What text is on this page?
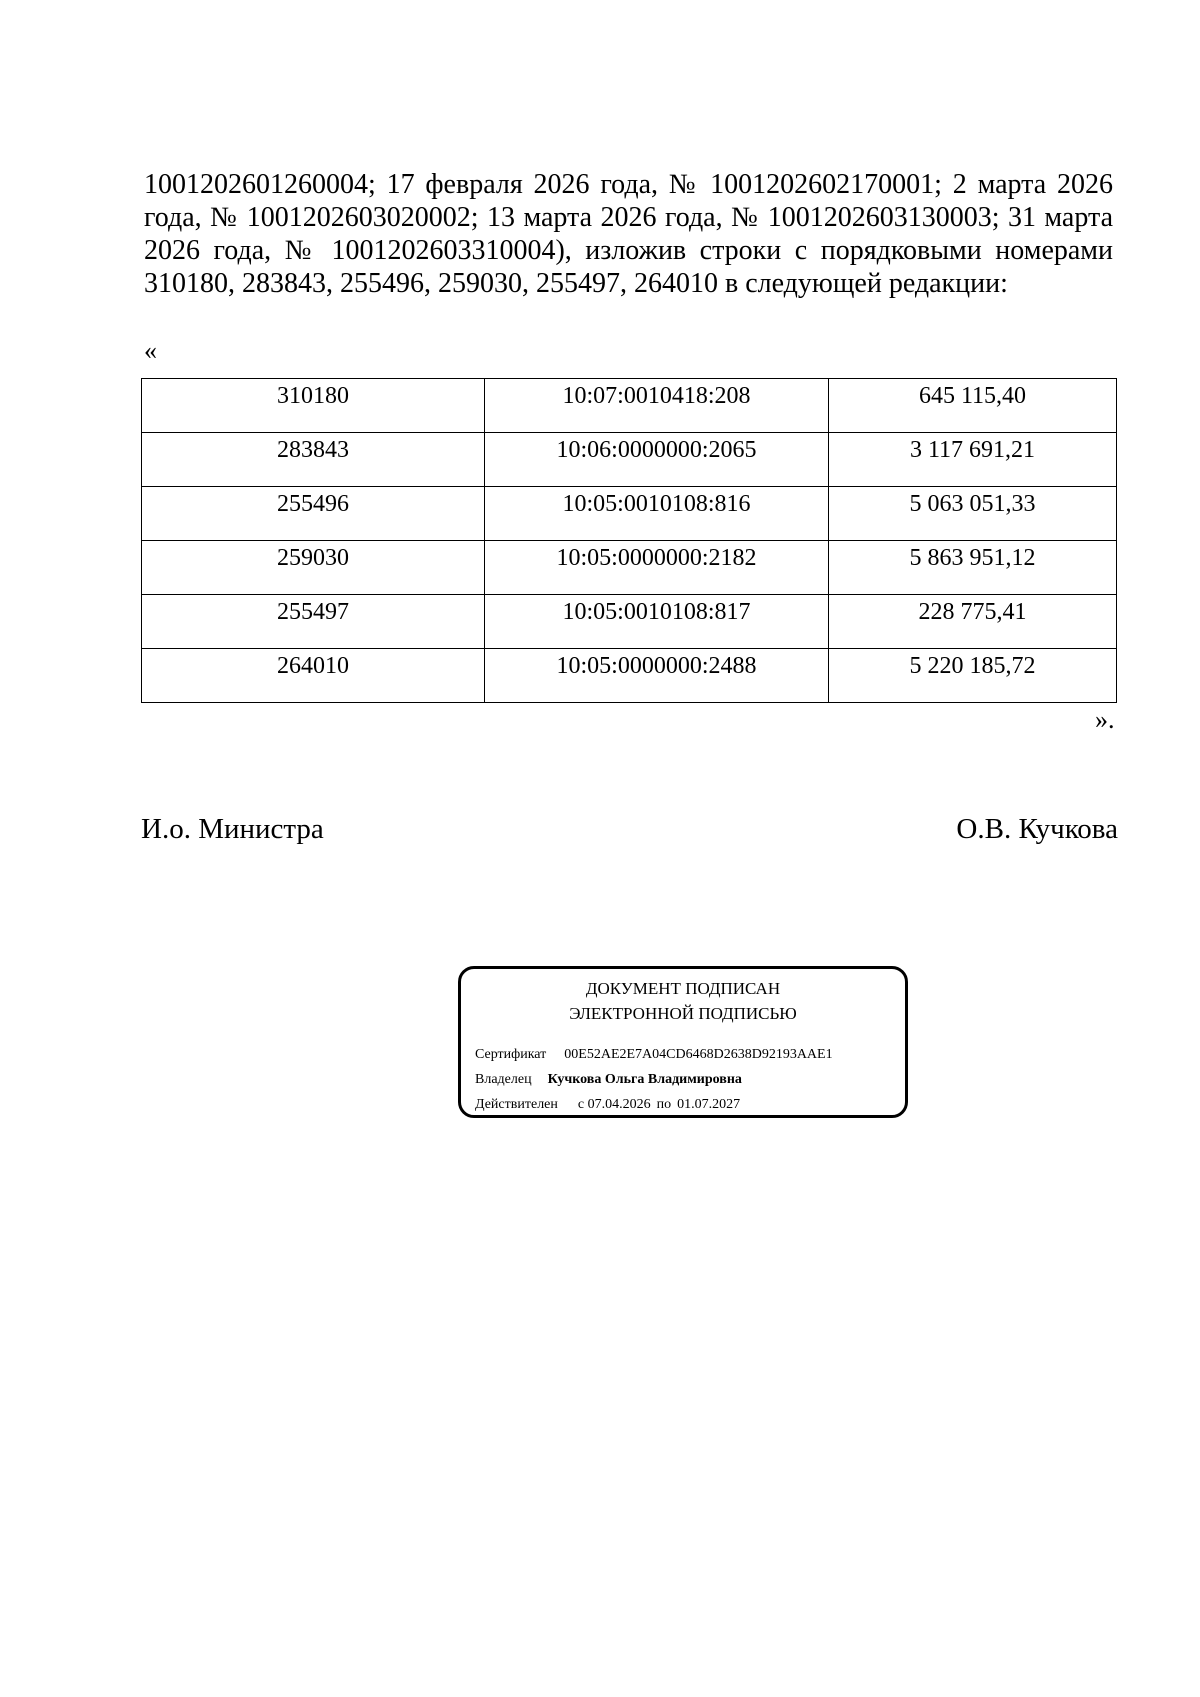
1001202601260004; 17 февраля 2026 года, № 1001202602170001; 2 марта 2026
года, № 1001202603020002; 13 марта 2026 года, № 1001202603130003; 31 марта
2026 года, № 1001202603310004), изложив строки с порядковыми номерами
310180, 283843, 255496, 259030, 255497, 264010 в следующей редакции:

«
310180	10:07:0010418:208	645 115,40
283843	10:06:0000000:2065	3 117 691,21
255496	10:05:0010108:816	5 063 051,33
259030	10:05:0000000:2182	5 863 951,12
255497	10:05:0010108:817	228 775,41
264010	10:05:0000000:2488	5 220 185,72
».
И.о. Министра	О.В. Кучкова
ДОКУМЕНТ ПОДПИСАН
ЭЛЕКТРОННОЙ ПОДПИСЬЮ
Сертификат 00E52AE2E7A04CD6468D2638D92193AAE1
Владелец Кучкова Ольга Владимировна
Действителен с 07.04.2026 по 01.07.2027
